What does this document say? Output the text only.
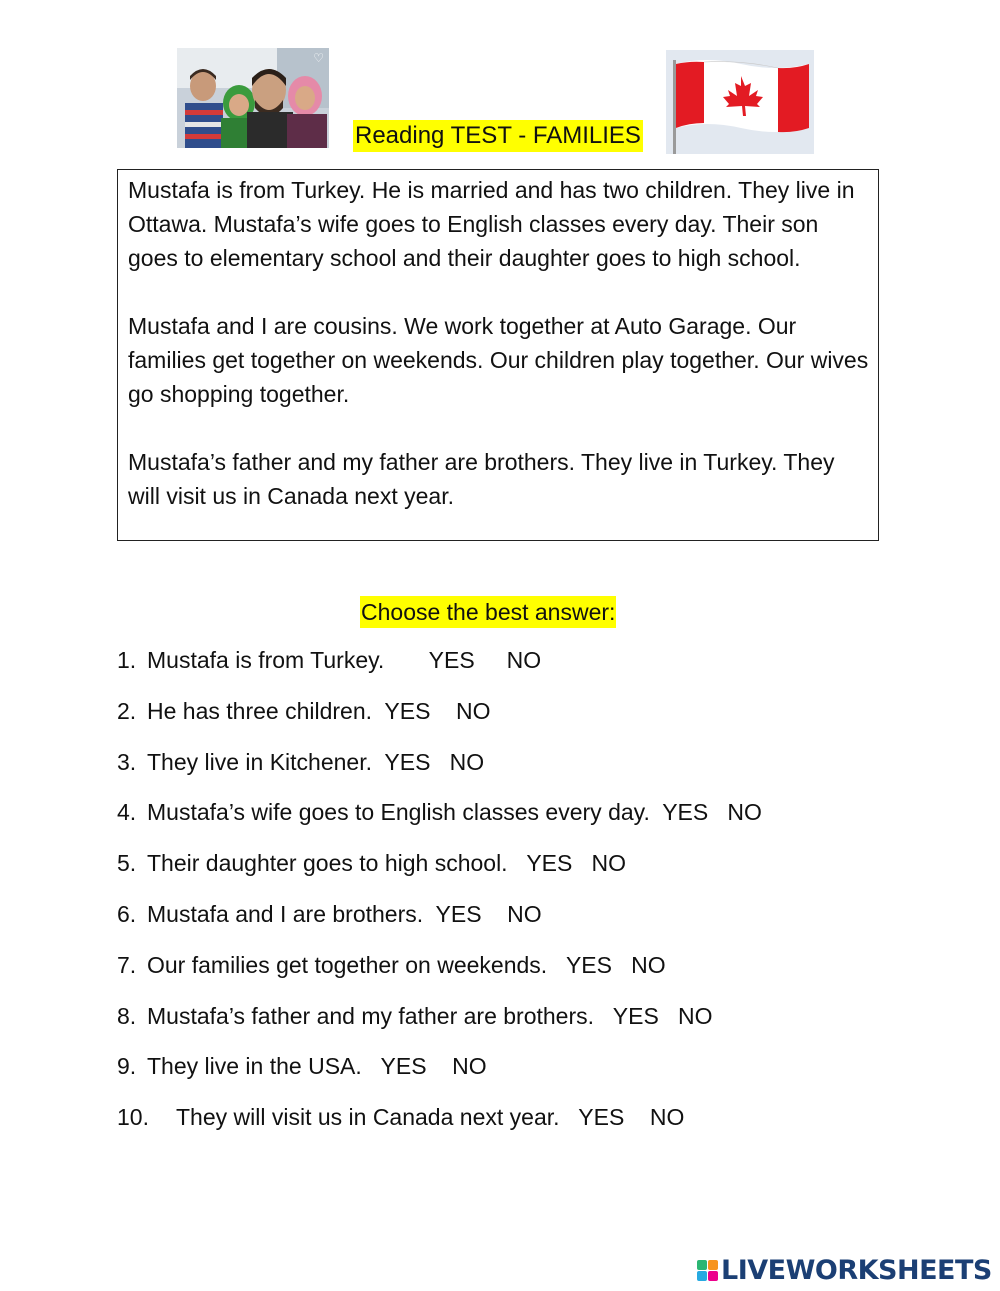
♡
Reading TEST - FAMILIES

Mustafa is from Turkey. He is married and has two children. They live in Ottawa. Mustafa’s wife goes to English classes every day. Their son goes to elementary school and their daughter goes to high school.

Mustafa and I are cousins. We work together at Auto Garage. Our families get together on weekends. Our children play together. Our wives go shopping together.

Mustafa’s father and my father are brothers. They live in Turkey. They will visit us in Canada next year.

Choose the best answer:
1. Mustafa is from Turkey. YES NO
2. He has three children. YES NO
3. They live in Kitchener. YES NO
4. Mustafa’s wife goes to English classes every day. YES NO
5. Their daughter goes to high school. YES NO
6. Mustafa and I are brothers. YES NO
7. Our families get together on weekends. YES NO
8. Mustafa’s father and my father are brothers. YES NO
9. They live in the USA. YES NO
10. They will visit us in Canada next year. YES NO
LIVEWORKSHEETS
